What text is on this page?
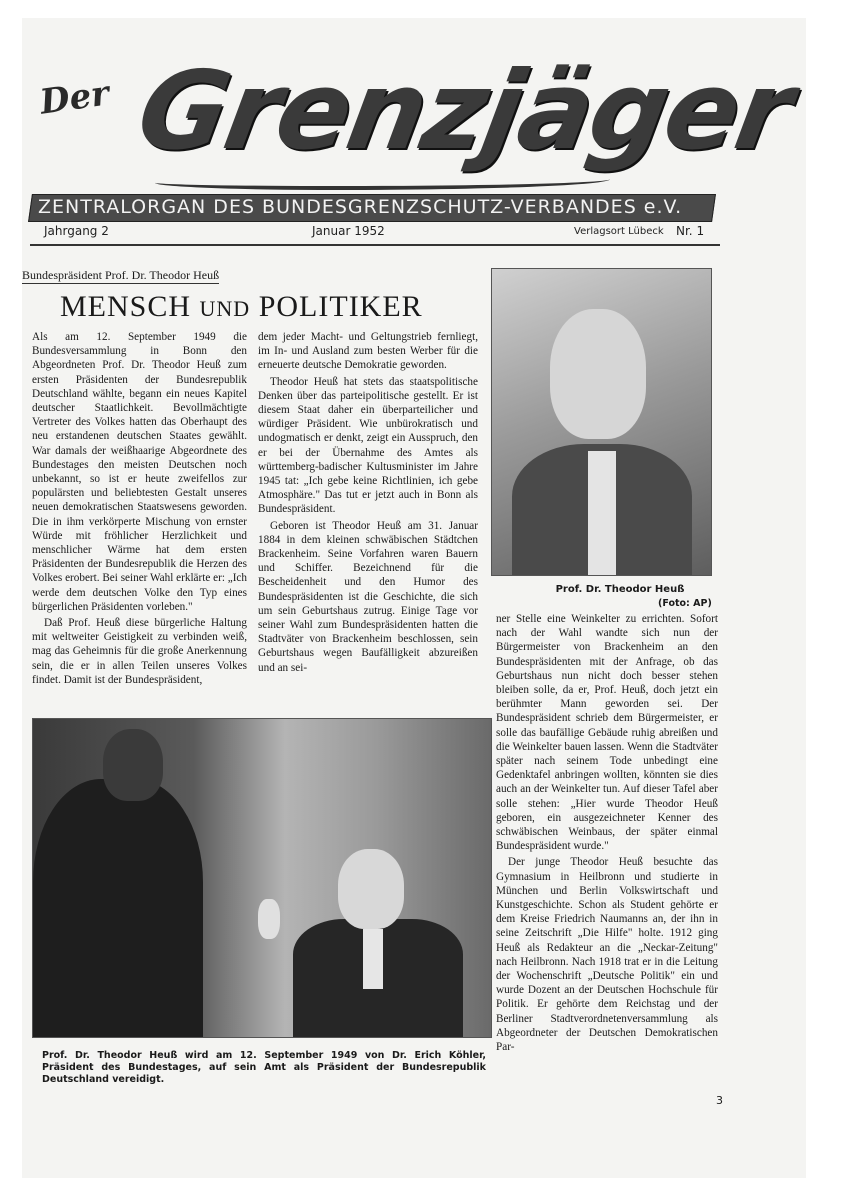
Der Grenzjäger
ZENTRALORGAN DES BUNDESGRENZSCHUTZ-VERBANDES e.V.
Jahrgang 2	Januar 1952	Verlagsort Lübeck Nr. 1
Bundespräsident Prof. Dr. Theodor Heuß
MENSCH UND POLITIKER

Als am 12. September 1949 die Bundesversammlung in Bonn den Abgeordneten Prof. Dr. Theodor Heuß zum ersten Präsidenten der Bundesrepublik Deutschland wählte, begann ein neues Kapitel deutscher Staatlichkeit. Bevollmächtigte Vertreter des Volkes hatten das Oberhaupt des neu erstandenen deutschen Staates gewählt. War damals der weißhaarige Abgeordnete des Bundestages den meisten Deutschen noch unbekannt, so ist er heute zweifellos zur populärsten und beliebtesten Gestalt unseres neuen demokratischen Staatswesens geworden. Die in ihm verkörperte Mischung von ernster Würde mit fröhlicher Herzlichkeit und menschlicher Wärme hat dem ersten Präsidenten der Bundesrepublik die Herzen des Volkes erobert. Bei seiner Wahl erklärte er: „Ich werde dem deutschen Volke den Typ eines bürgerlichen Präsidenten vorleben."

Daß Prof. Heuß diese bürgerliche Haltung mit weltweiter Geistigkeit zu verbinden weiß, mag das Geheimnis für die große Anerkennung sein, die er in allen Teilen unseres Volkes findet. Damit ist der Bundespräsident,

dem jeder Macht- und Geltungstrieb fernliegt, im In- und Ausland zum besten Werber für die erneuerte deutsche Demokratie geworden.

Theodor Heuß hat stets das staatspolitische Denken über das parteipolitische gestellt. Er ist diesem Staat daher ein überparteilicher und würdiger Präsident. Wie unbürokratisch und undogmatisch er denkt, zeigt ein Ausspruch, den er bei der Übernahme des Amtes als württemberg-badischer Kultusminister im Jahre 1945 tat: „Ich gebe keine Richtlinien, ich gebe Atmosphäre." Das tut er jetzt auch in Bonn als Bundespräsident.

Geboren ist Theodor Heuß am 31. Januar 1884 in dem kleinen schwäbischen Städtchen Brackenheim. Seine Vorfahren waren Bauern und Schiffer. Bezeichnend für die Bescheidenheit und den Humor des Bundespräsidenten ist die Geschichte, die sich um sein Geburtshaus zutrug. Einige Tage vor seiner Wahl zum Bundespräsidenten hatten die Stadtväter von Brackenheim beschlossen, sein Geburtshaus wegen Baufälligkeit abzureißen und an sei-

Prof. Dr. Theodor Heuß
(Foto: AP)

ner Stelle eine Weinkelter zu errichten. Sofort nach der Wahl wandte sich nun der Bürgermeister von Brackenheim an den Bundespräsidenten mit der Anfrage, ob das Geburtshaus nun nicht doch besser stehen bleiben solle, da er, Prof. Heuß, doch jetzt ein berühmter Mann geworden sei. Der Bundespräsident schrieb dem Bürgermeister, er solle das baufällige Gebäude ruhig abreißen und die Weinkelter bauen lassen. Wenn die Stadtväter später nach seinem Tode unbedingt eine Gedenktafel anbringen wollten, könnten sie dies auch an der Weinkelter tun. Auf dieser Tafel aber solle stehen: „Hier wurde Theodor Heuß geboren, ein ausgezeichneter Kenner des schwäbischen Weinbaus, der später einmal Bundespräsident wurde."

Der junge Theodor Heuß besuchte das Gymnasium in Heilbronn und studierte in München und Berlin Volkswirtschaft und Kunstgeschichte. Schon als Student gehörte er dem Kreise Friedrich Naumanns an, der ihn in seine Zeitschrift „Die Hilfe" holte. 1912 ging Heuß als Redakteur an die „Neckar-Zeitung" nach Heilbronn. Nach 1918 trat er in die Leitung der Wochenschrift „Deutsche Politik" ein und wurde Dozent an der Deutschen Hochschule für Politik. Er gehörte dem Reichstag und der Berliner Stadtverordnetenversammlung als Abgeordneter der Deutschen Demokratischen Par-

Prof. Dr. Theodor Heuß wird am 12. September 1949 von Dr. Erich Köhler, Präsident des Bundestages, auf sein Amt als Präsident der Bundesrepublik Deutschland vereidigt.
3
